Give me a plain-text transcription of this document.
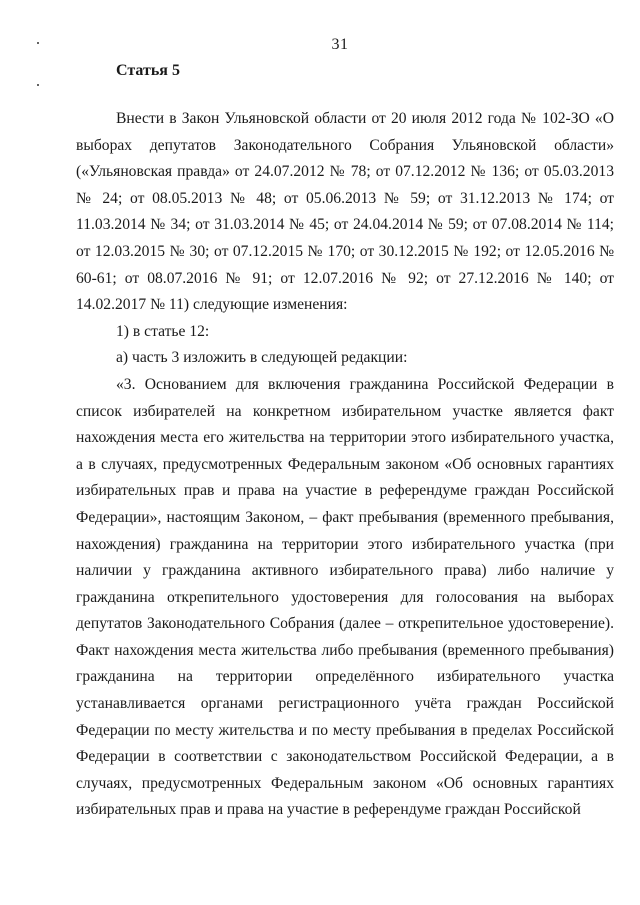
31
Статья 5

Внести в Закон Ульяновской области от 20 июля 2012 года № 102-ЗО «О выборах депутатов Законодательного Собрания Ульяновской области» («Ульяновская правда» от 24.07.2012 № 78; от 07.12.2012 № 136; от 05.03.2013 № 24; от 08.05.2013 № 48; от 05.06.2013 № 59; от 31.12.2013 № 174; от 11.03.2014 № 34; от 31.03.2014 № 45; от 24.04.2014 № 59; от 07.08.2014 № 114; от 12.03.2015 № 30; от 07.12.2015 № 170; от 30.12.2015 № 192; от 12.05.2016 № 60-61; от 08.07.2016 № 91; от 12.07.2016 № 92; от 27.12.2016 № 140; от 14.02.2017 № 11) следующие изменения:

1) в статье 12:

а) часть 3 изложить в следующей редакции:

«3. Основанием для включения гражданина Российской Федерации в список избирателей на конкретном избирательном участке является факт нахождения места его жительства на территории этого избирательного участка, а в случаях, предусмотренных Федеральным законом «Об основных гарантиях избирательных прав и права на участие в референдуме граждан Российской Федерации», настоящим Законом, – факт пребывания (временного пребывания, нахождения) гражданина на территории этого избирательного участка (при наличии у гражданина активного избирательного права) либо наличие у гражданина открепительного удостоверения для голосования на выборах депутатов Законодательного Собрания (далее – открепительное удостоверение). Факт нахождения места жительства либо пребывания (временного пребывания) гражданина на территории определённого избирательного участка устанавливается органами регистрационного учёта граждан Российской Федерации по месту жительства и по месту пребывания в пределах Российской Федерации в соответствии с законодательством Российской Федерации, а в случаях, предусмотренных Федеральным законом «Об основных гарантиях избирательных прав и права на участие в референдуме граждан Российской
